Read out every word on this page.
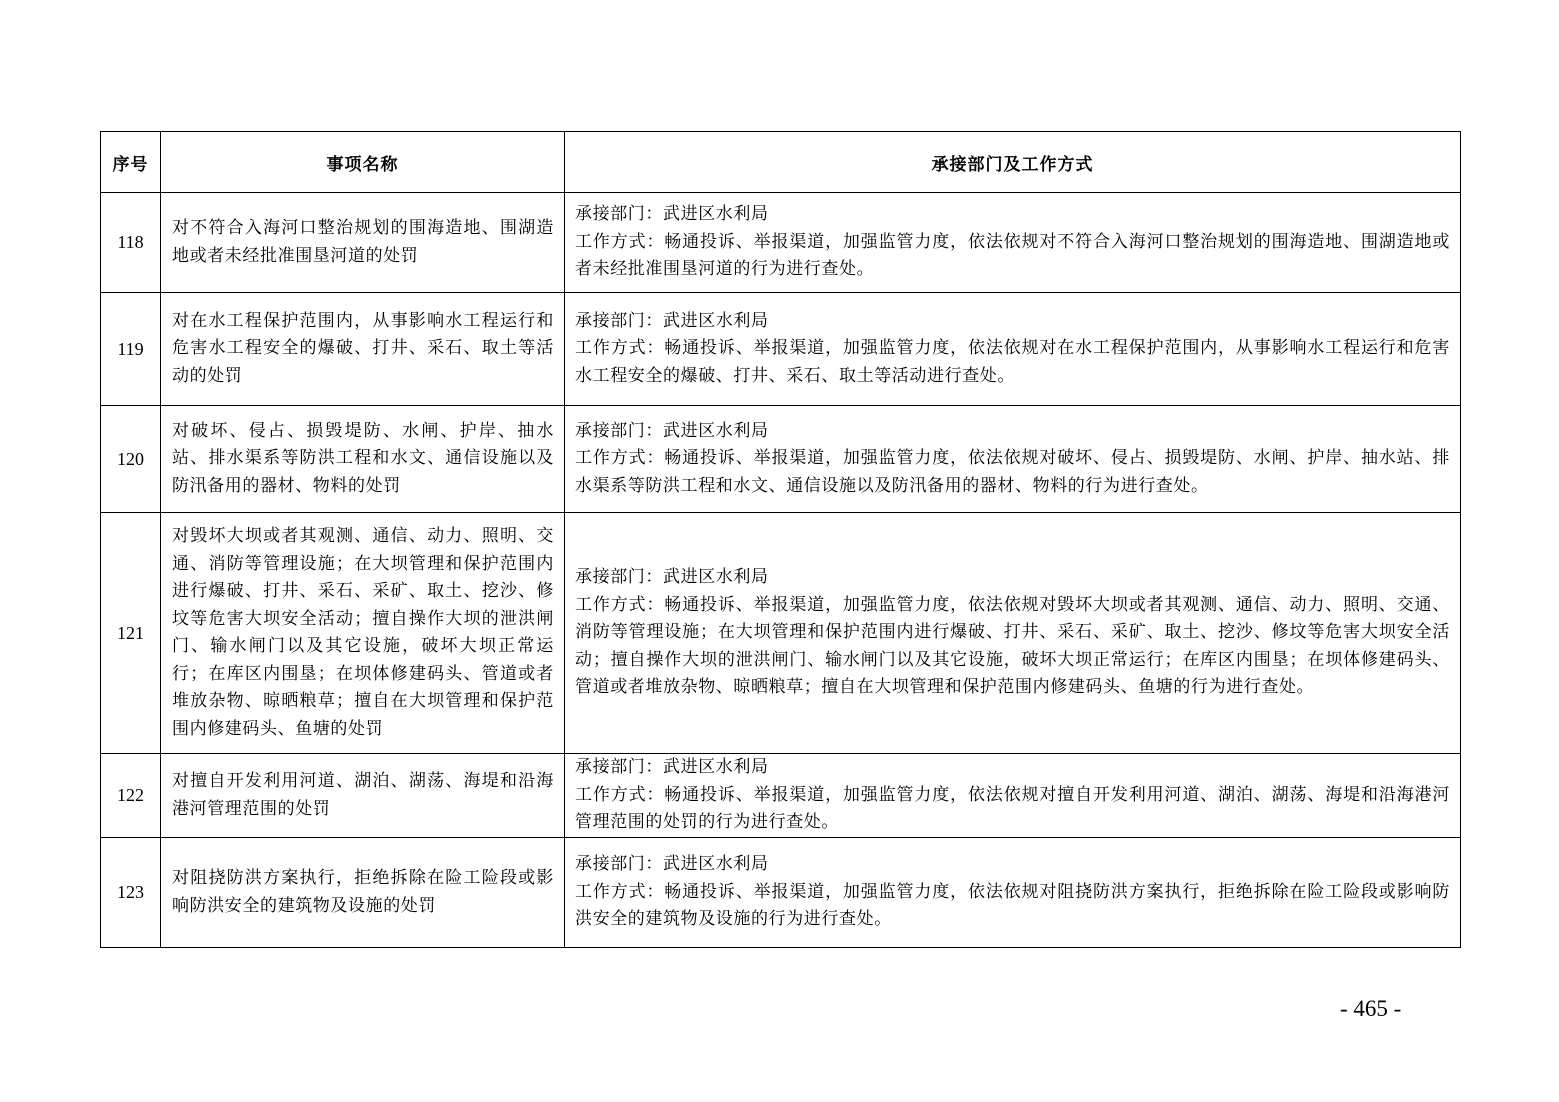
序号	事项名称	承接部门及工作方式
118	对不符合入海河口整治规划的围海造地、围湖造地或者未经批准围垦河道的处罚	承接部门：武进区水利局
工作方式：畅通投诉、举报渠道，加强监管力度，依法依规对不符合入海河口整治规划的围海造地、围湖造地或者未经批准围垦河道的行为进行查处。

119	对在水工程保护范围内，从事影响水工程运行和危害水工程安全的爆破、打井、采石、取土等活动的处罚	承接部门：武进区水利局
工作方式：畅通投诉、举报渠道，加强监管力度，依法依规对在水工程保护范围内，从事影响水工程运行和危害水工程安全的爆破、打井、采石、取土等活动进行查处。

120	对破坏、侵占、损毁堤防、水闸、护岸、抽水站、排水渠系等防洪工程和水文、通信设施以及防汛备用的器材、物料的处罚	承接部门：武进区水利局
工作方式：畅通投诉、举报渠道，加强监管力度，依法依规对破坏、侵占、损毁堤防、水闸、护岸、抽水站、排水渠系等防洪工程和水文、通信设施以及防汛备用的器材、物料的行为进行查处。

121	对毁坏大坝或者其观测、通信、动力、照明、交通、消防等管理设施；在大坝管理和保护范围内进行爆破、打井、采石、采矿、取土、挖沙、修坟等危害大坝安全活动；擅自操作大坝的泄洪闸门、输水闸门以及其它设施，破坏大坝正常运行；在库区内围垦；在坝体修建码头、管道或者堆放杂物、晾晒粮草；擅自在大坝管理和保护范围内修建码头、鱼塘的处罚	承接部门：武进区水利局
工作方式：畅通投诉、举报渠道，加强监管力度，依法依规对毁坏大坝或者其观测、通信、动力、照明、交通、消防等管理设施；在大坝管理和保护范围内进行爆破、打井、采石、采矿、取土、挖沙、修坟等危害大坝安全活动；擅自操作大坝的泄洪闸门、输水闸门以及其它设施，破坏大坝正常运行；在库区内围垦；在坝体修建码头、管道或者堆放杂物、晾晒粮草；擅自在大坝管理和保护范围内修建码头、鱼塘的行为进行查处。

122	对擅自开发利用河道、湖泊、湖荡、海堤和沿海港河管理范围的处罚	承接部门：武进区水利局
工作方式：畅通投诉、举报渠道，加强监管力度，依法依规对擅自开发利用河道、湖泊、湖荡、海堤和沿海港河管理范围的处罚的行为进行查处。

123	对阻挠防洪方案执行，拒绝拆除在险工险段或影响防洪安全的建筑物及设施的处罚	承接部门：武进区水利局
工作方式：畅通投诉、举报渠道，加强监管力度，依法依规对阻挠防洪方案执行，拒绝拆除在险工险段或影响防洪安全的建筑物及设施的行为进行查处。
- 465 -
